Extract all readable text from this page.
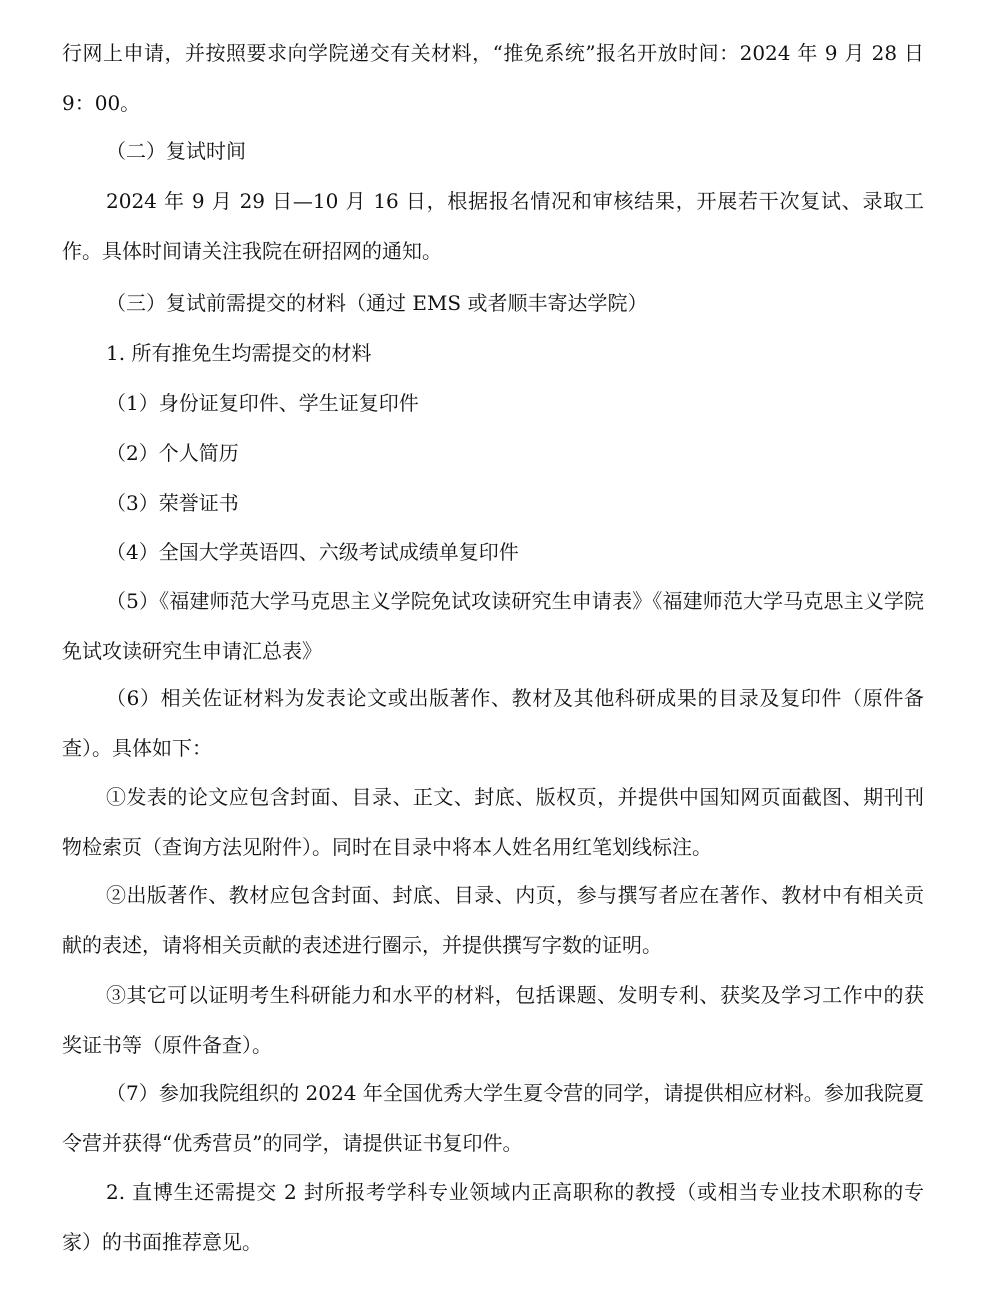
行网上申请，并按照要求向学院递交有关材料，“推免系统”报名开放时间：2024 年 9 月 28 日 9：00。

（二）复试时间

2024 年 9 月 29 日—10 月 16 日，根据报名情况和审核结果，开展若干次复试、录取工作。具体时间请关注我院在研招网的通知。

（三）复试前需提交的材料（通过 EMS 或者顺丰寄达学院）

1. 所有推免生均需提交的材料

（1）身份证复印件、学生证复印件

（2）个人简历

（3）荣誉证书

（4）全国大学英语四、六级考试成绩单复印件

（5）《福建师范大学马克思主义学院免试攻读研究生申请表》《福建师范大学马克思主义学院免试攻读研究生申请汇总表》

（6）相关佐证材料为发表论文或出版著作、教材及其他科研成果的目录及复印件（原件备查）。具体如下：

①发表的论文应包含封面、目录、正文、封底、版权页，并提供中国知网页面截图、期刊刊物检索页（查询方法见附件）。同时在目录中将本人姓名用红笔划线标注。

②出版著作、教材应包含封面、封底、目录、内页，参与撰写者应在著作、教材中有相关贡献的表述，请将相关贡献的表述进行圈示，并提供撰写字数的证明。

③其它可以证明考生科研能力和水平的材料，包括课题、发明专利、获奖及学习工作中的获奖证书等（原件备查）。

（7）参加我院组织的 2024 年全国优秀大学生夏令营的同学，请提供相应材料。参加我院夏令营并获得“优秀营员”的同学，请提供证书复印件。

2. 直博生还需提交 2 封所报考学科专业领域内正高职称的教授（或相当专业技术职称的专家）的书面推荐意见。
